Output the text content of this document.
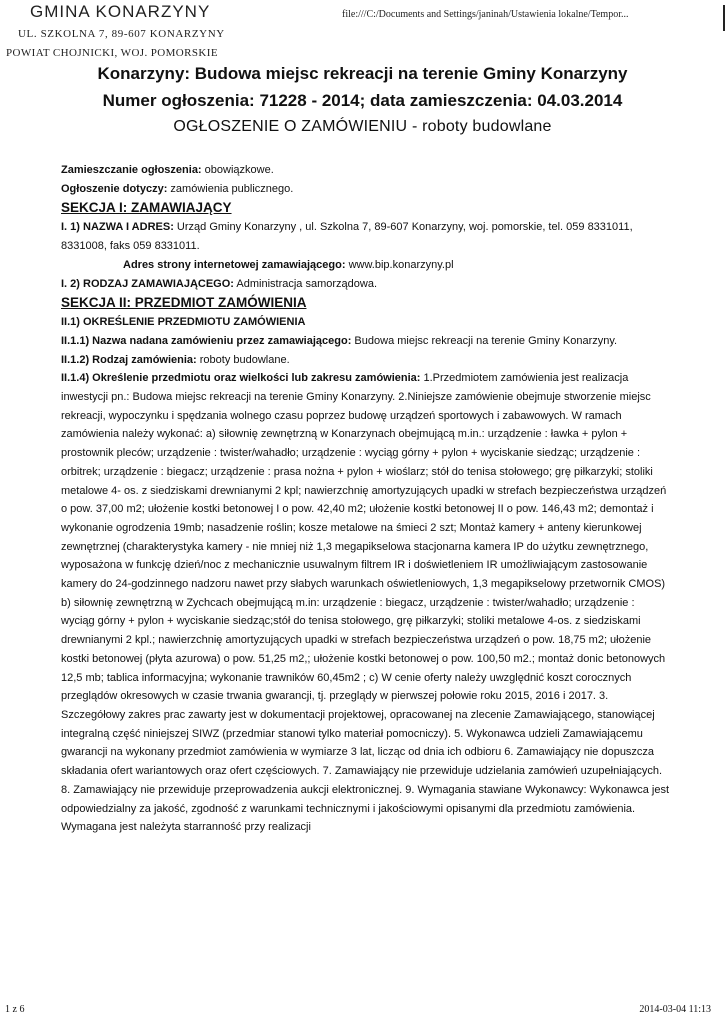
GMINA KONARZYNY
UL. SZKOLNA 7, 89-607 KONARZYNY
POWIAT CHOJNICKI, WOJ. POMORSKIE
file:///C:/Documents and Settings/janinah/Ustawienia lokalne/Tempor...
Konarzyny: Budowa miejsc rekreacji na terenie Gminy Konarzyny
Numer ogłoszenia: 71228 - 2014; data zamieszczenia: 04.03.2014
OGŁOSZENIE O ZAMÓWIENIU - roboty budowlane

Zamieszczanie ogłoszenia: obowiązkowe.

Ogłoszenie dotyczy: zamówienia publicznego.

SEKCJA I: ZAMAWIAJĄCY

I. 1) NAZWA I ADRES: Urząd Gminy Konarzyny , ul. Szkolna 7, 89-607 Konarzyny, woj. pomorskie, tel. 059 8331011, 8331008, faks 059 8331011.

Adres strony internetowej zamawiającego: www.bip.konarzyny.pl

I. 2) RODZAJ ZAMAWIAJĄCEGO: Administracja samorządowa.

SEKCJA II: PRZEDMIOT ZAMÓWIENIA

II.1) OKREŚLENIE PRZEDMIOTU ZAMÓWIENIA

II.1.1) Nazwa nadana zamówieniu przez zamawiającego: Budowa miejsc rekreacji na terenie Gminy Konarzyny.

II.1.2) Rodzaj zamówienia: roboty budowlane.

II.1.4) Określenie przedmiotu oraz wielkości lub zakresu zamówienia: 1.Przedmiotem zamówienia jest realizacja inwestycji pn.: Budowa miejsc rekreacji na terenie Gminy Konarzyny. 2.Niniejsze zamówienie obejmuje stworzenie miejsc rekreacji, wypoczynku i spędzania wolnego czasu poprzez budowę urządzeń sportowych i zabawowych. W ramach zamówienia należy wykonać: a) siłownię zewnętrzną w Konarzynach obejmującą m.in.: urządzenie : ławka + pylon + prostownik pleców; urządzenie : twister/wahadło; urządzenie : wyciąg górny + pylon + wyciskanie siedząc; urządzenie : orbitrek; urządzenie : biegacz; urządzenie : prasa nożna + pylon + wioślarz; stół do tenisa stołowego; grę piłkarzyki; stoliki metalowe 4- os. z siedziskami drewnianymi 2 kpl; nawierzchnię amortyzujących upadki w strefach bezpieczeństwa urządzeń o pow. 37,00 m2; ułożenie kostki betonowej I o pow. 42,40 m2; ułożenie kostki betonowej II o pow. 146,43 m2; demontaż i wykonanie ogrodzenia 19mb; nasadzenie roślin; kosze metalowe na śmieci 2 szt; Montaż kamery + anteny kierunkowej zewnętrznej (charakterystyka kamery - nie mniej niż 1,3 megapikselowa stacjonarna kamera IP do użytku zewnętrznego, wyposażona w funkcję dzień/noc z mechanicznie usuwalnym filtrem IR i doświetleniem IR umożliwiającym zastosowanie kamery do 24-godzinnego nadzoru nawet przy słabych warunkach oświetleniowych, 1,3 megapikselowy przetwornik CMOS) b) siłownię zewnętrzną w Zychcach obejmującą m.in: urządzenie : biegacz, urządzenie : twister/wahadło; urządzenie : wyciąg górny + pylon + wyciskanie siedząc;stół do tenisa stołowego, grę piłkarzyki; stoliki metalowe 4-os. z siedziskami drewnianymi 2 kpl.; nawierzchnię amortyzujących upadki w strefach bezpieczeństwa urządzeń o pow. 18,75 m2; ułożenie kostki betonowej (płyta azurowa) o pow. 51,25 m2,; ułożenie kostki betonowej o pow. 100,50 m2.; montaż donic betonowych 12,5 mb; tablica informacyjna; wykonanie trawników 60,45m2 ; c) W cenie oferty należy uwzględnić koszt corocznych przeglądów okresowych w czasie trwania gwarancji, tj. przeglądy w pierwszej połowie roku 2015, 2016 i 2017. 3. Szczegółowy zakres prac zawarty jest w dokumentacji projektowej, opracowanej na zlecenie Zamawiającego, stanowiącej integralną część niniejszej SIWZ (przedmiar stanowi tylko materiał pomocniczy). 5. Wykonawca udzieli Zamawiającemu gwarancji na wykonany przedmiot zamówienia w wymiarze 3 lat, licząc od dnia ich odbioru 6. Zamawiający nie dopuszcza składania ofert wariantowych oraz ofert częściowych. 7. Zamawiający nie przewiduje udzielania zamówień uzupełniających. 8. Zamawiający nie przewiduje przeprowadzenia aukcji elektronicznej. 9. Wymagania stawiane Wykonawcy: Wykonawca jest odpowiedzialny za jakość, zgodność z warunkami technicznymi i jakościowymi opisanymi dla przedmiotu zamówienia. Wymagana jest należyta starranność przy realizacji

1 z 6	2014-03-04 11:13
